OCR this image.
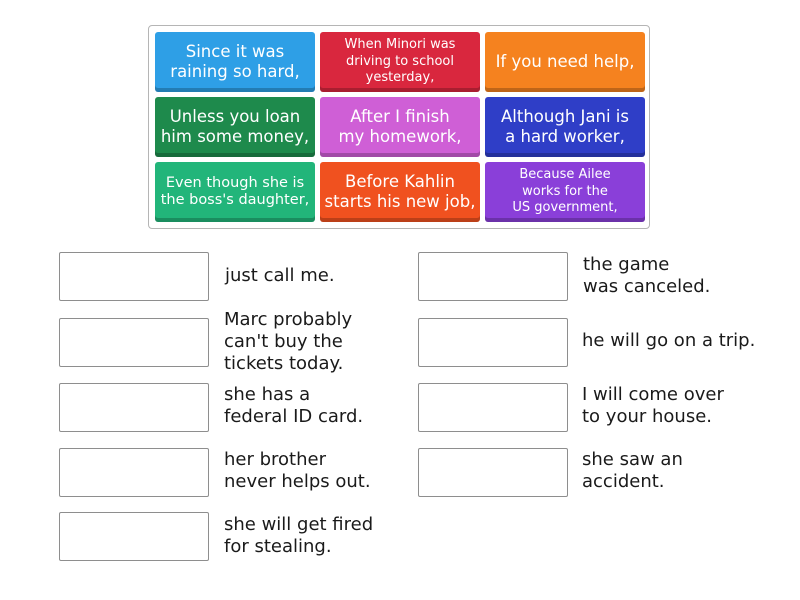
Since it was
raining so hard,
When Minori was
driving to school
yesterday,
If you need help,
Unless you loan
him some money,
After I finish
my homework,
Although Jani is
a hard worker,
Even though she is
the boss's daughter,
Before Kahlin
starts his new job,
Because Ailee
works for the
US government,
just call me.
Marc probably
can't buy the
tickets today.
she has a
federal ID card.
her brother
never helps out.
she will get fired
for stealing.
the game
was canceled.
he will go on a trip.
I will come over
to your house.
she saw an
accident.
